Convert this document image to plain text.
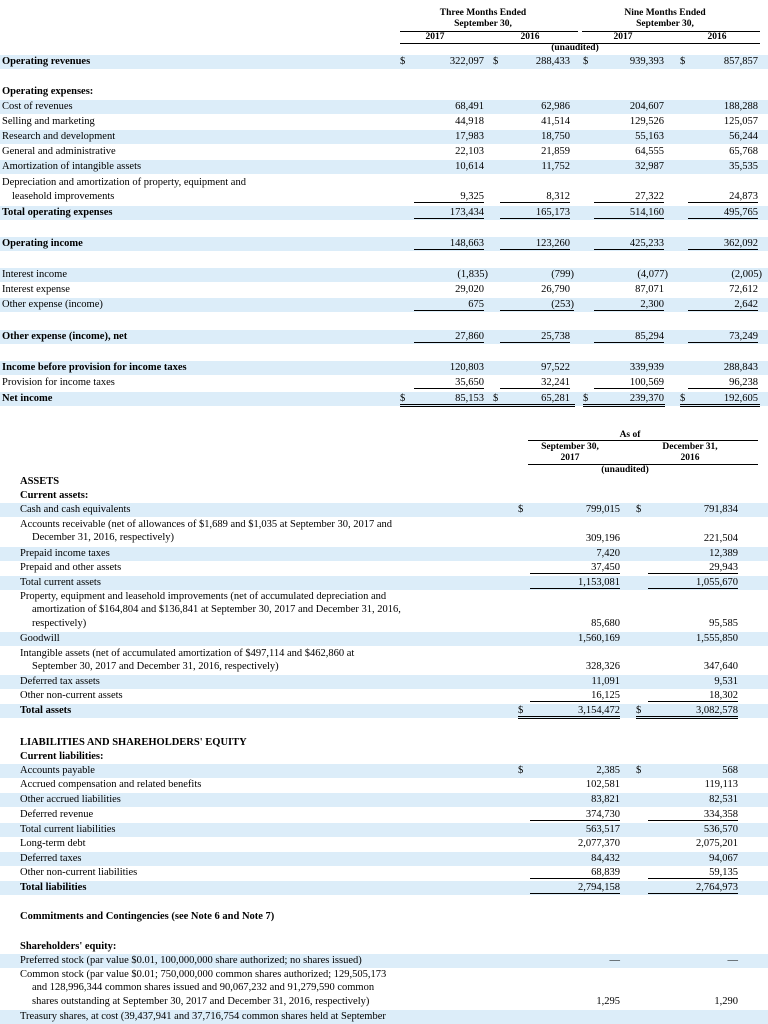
Three Months Ended
September 30,
Nine Months Ended
September 30,
2017	2016	2017	2016
(unaudited)
Operating revenues	$	322,097 $	288,433 $	939,393 $	857,857
Operating expenses:
Cost of revenues	68,491	62,986	204,607	188,288
Selling and marketing	44,918	41,514	129,526	125,057
Research and development	17,983	18,750	55,163	56,244
General and administrative	22,103	21,859	64,555	65,768
Amortization of intangible assets	10,614	11,752	32,987	35,535
Depreciation and amortization of property, equipment and
leasehold improvements	9,325	8,312	27,322	24,873
Total operating expenses	173,434	165,173	514,160	495,765
Operating income	148,663	123,260	425,233	362,092
Interest income	(1,835)	(799)	(4,077)	(2,005)
Interest expense	29,020	26,790	87,071	72,612
Other expense (income)	675	(253)	2,300	2,642
Other expense (income), net	27,860	25,738	85,294	73,249
Income before provision for income taxes	120,803	97,522	339,939	288,843
Provision for income taxes	35,650	32,241	100,569	96,238
Net income	$	85,153 $	65,281 $	239,370 $	192,605
As of
September 30,
2017
December 31,
2016
(unaudited)
ASSETS
Current assets:
Cash and cash equivalents	$	799,015 $	791,834
Accounts receivable (net of allowances of $1,689 and $1,035 at September 30, 2017 and
December 31, 2016, respectively)	309,196	221,504
Prepaid income taxes	7,420	12,389
Prepaid and other assets	37,450	29,943
Total current assets	1,153,081	1,055,670
Property, equipment and leasehold improvements (net of accumulated depreciation and
amortization of $164,804 and $136,841 at September 30, 2017 and December 31, 2016,
respectively)	85,680	95,585
Goodwill	1,560,169	1,555,850
Intangible assets (net of accumulated amortization of $497,114 and $462,860 at
September 30, 2017 and December 31, 2016, respectively)	328,326	347,640
Deferred tax assets	11,091	9,531
Other non-current assets	16,125	18,302
Total assets	$	3,154,472 $	3,082,578
LIABILITIES AND SHAREHOLDERS' EQUITY
Current liabilities:
Accounts payable	$	2,385 $	568
Accrued compensation and related benefits	102,581	119,113
Other accrued liabilities	83,821	82,531
Deferred revenue	374,730	334,358
Total current liabilities	563,517	536,570
Long-term debt	2,077,370	2,075,201
Deferred taxes	84,432	94,067
Other non-current liabilities	68,839	59,135
Total liabilities	2,794,158	2,764,973
Commitments and Contingencies (see Note 6 and Note 7)
Shareholders' equity:
Preferred stock (par value $0.01, 100,000,000 share authorized; no shares issued)	—	—
Common stock (par value $0.01; 750,000,000 common shares authorized; 129,505,173
and 128,996,344 common shares issued and 90,067,232 and 91,279,590 common
shares outstanding at September 30, 2017 and December 31, 2016, respectively)	1,295	1,290
Treasury shares, at cost (39,437,941 and 37,716,754 common shares held at September
